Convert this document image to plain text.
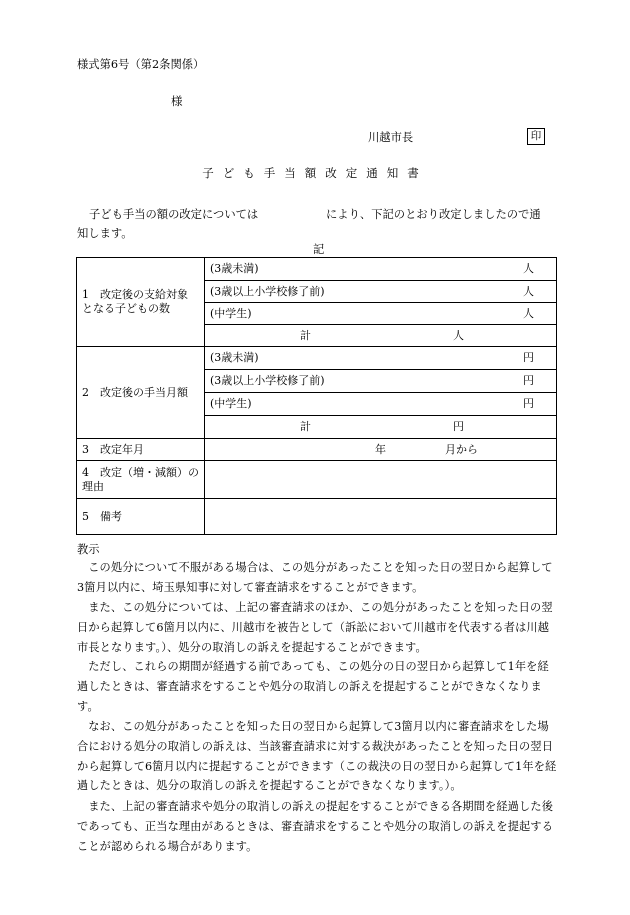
様式第6号（第2条関係）
様
川越市長	印
子ども手当額改定通知書
子ども手当の額の改定については　　　　　　により、下記のとおり改定しましたので通
知します。
記
1　改定後の支給対象
となる子どもの数	(3歳未満) 人

	(3歳以上小学校修了前) 人

	(中学生) 人

	計 人

2　改定後の手当月額	(3歳未満) 円

	(3歳以上小学校修了前) 円

	(中学生) 円

	計 円

3　改定年月	年 月から

4　改定（増・減額）の
理由	
5　備考	
教示
この処分について不服がある場合は、この処分があったことを知った日の翌日から起算して3箇月以内に、埼玉県知事に対して審査請求をすることができます。
また、この処分については、上記の審査請求のほか、この処分があったことを知った日の翌日から起算して6箇月以内に、川越市を被告として（訴訟において川越市を代表する者は川越市長となります。）、処分の取消しの訴えを提起することができます。
ただし、これらの期間が経過する前であっても、この処分の日の翌日から起算して1年を経過したときは、審査請求をすることや処分の取消しの訴えを提起することができなくなります。
なお、この処分があったことを知った日の翌日から起算して3箇月以内に審査請求をした場合における処分の取消しの訴えは、当該審査請求に対する裁決があったことを知った日の翌日から起算して6箇月以内に提起することができます（この裁決の日の翌日から起算して1年を経過したときは、処分の取消しの訴えを提起することができなくなります。）。
また、上記の審査請求や処分の取消しの訴えの提起をすることができる各期間を経過した後であっても、正当な理由があるときは、審査請求をすることや処分の取消しの訴えを提起することが認められる場合があります。
